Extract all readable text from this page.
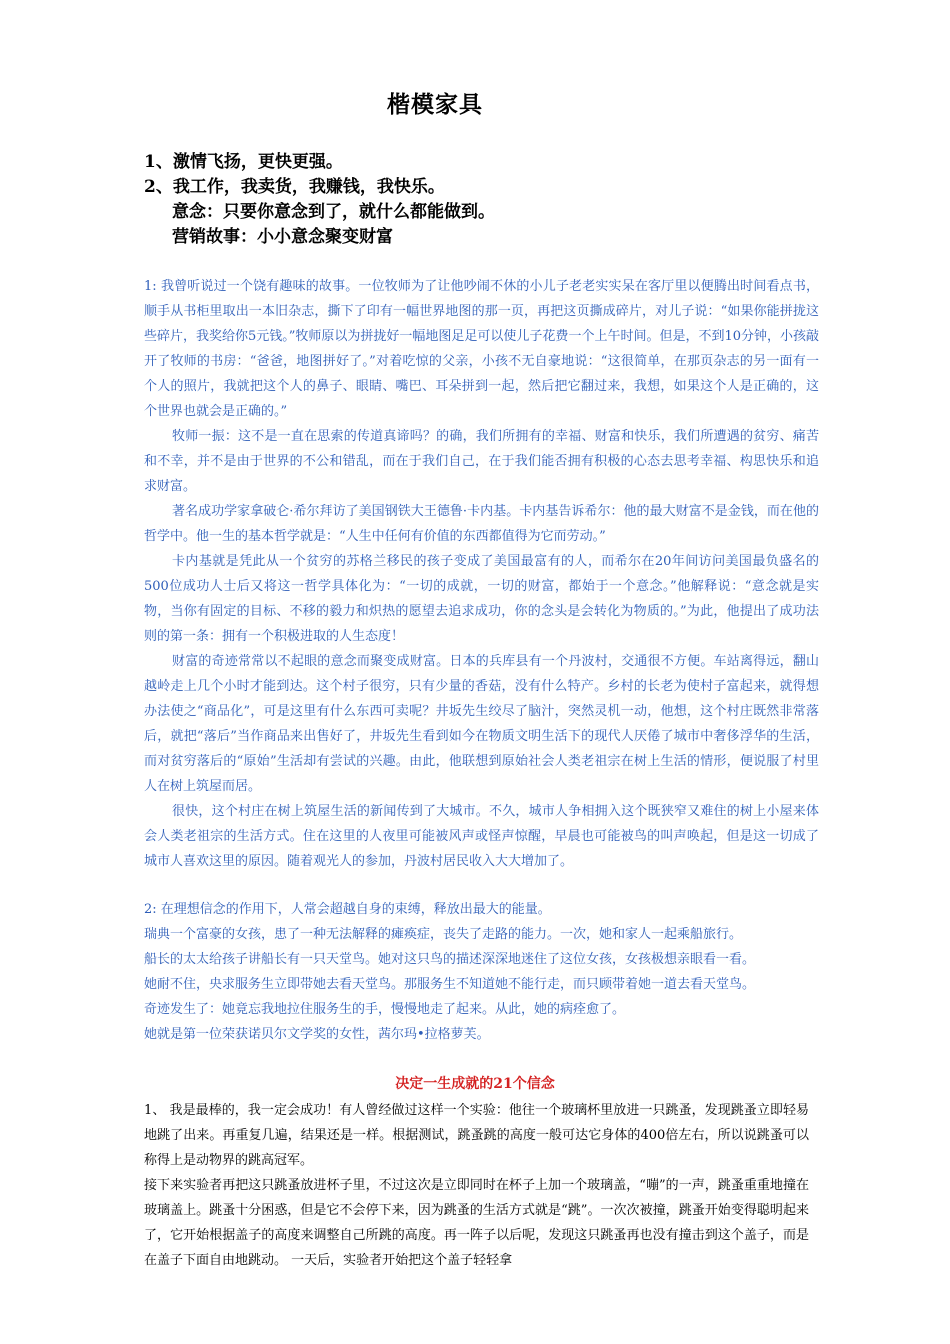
楷模家具
1、激情飞扬，更快更强。
2、我工作，我卖货，我赚钱，我快乐。
意念：只要你意念到了，就什么都能做到。
营销故事：小小意念聚变财富

1: 我曾听说过一个饶有趣味的故事。一位牧师为了让他吵闹不休的小儿子老老实实呆在客厅里以便腾出时间看点书，顺手从书柜里取出一本旧杂志，撕下了印有一幅世界地图的那一页，再把这页撕成碎片，对儿子说：“如果你能拼拢这些碎片，我奖给你5元钱。”牧师原以为拼拢好一幅地图足足可以使儿子花费一个上午时间。但是，不到10分钟，小孩敲开了牧师的书房：“爸爸，地图拼好了。”对着吃惊的父亲，小孩不无自豪地说：“这很简单，在那页杂志的另一面有一个人的照片，我就把这个人的鼻子、眼睛、嘴巴、耳朵拼到一起，然后把它翻过来，我想，如果这个人是正确的，这个世界也就会是正确的。”

牧师一振：这不是一直在思索的传道真谛吗？的确，我们所拥有的幸福、财富和快乐，我们所遭遇的贫穷、痛苦和不幸，并不是由于世界的不公和错乱，而在于我们自己，在于我们能否拥有积极的心态去思考幸福、构思快乐和追求财富。

著名成功学家拿破仑·希尔拜访了美国钢铁大王德鲁·卡内基。卡内基告诉希尔：他的最大财富不是金钱，而在他的哲学中。他一生的基本哲学就是：“人生中任何有价值的东西都值得为它而劳动。”

卡内基就是凭此从一个贫穷的苏格兰移民的孩子变成了美国最富有的人，而希尔在20年间访问美国最负盛名的500位成功人士后又将这一哲学具体化为：“一切的成就，一切的财富，都始于一个意念。”他解释说：“意念就是实物，当你有固定的目标、不移的毅力和炽热的愿望去追求成功，你的念头是会转化为物质的。”为此，他提出了成功法则的第一条：拥有一个积极进取的人生态度！

财富的奇迹常常以不起眼的意念而聚变成财富。日本的兵库县有一个丹波村，交通很不方便。车站离得远，翻山越岭走上几个小时才能到达。这个村子很穷，只有少量的香菇，没有什么特产。乡村的长老为使村子富起来，就得想办法使之“商品化”，可是这里有什么东西可卖呢？井坂先生绞尽了脑汁，突然灵机一动，他想，这个村庄既然非常落后，就把“落后”当作商品来出售好了，井坂先生看到如今在物质文明生活下的现代人厌倦了城市中奢侈浮华的生活，而对贫穷落后的“原始”生活却有尝试的兴趣。由此，他联想到原始社会人类老祖宗在树上生活的情形，便说服了村里人在树上筑屋而居。

很快，这个村庄在树上筑屋生活的新闻传到了大城市。不久，城市人争相拥入这个既狭窄又难住的树上小屋来体会人类老祖宗的生活方式。住在这里的人夜里可能被风声或怪声惊醒，早晨也可能被鸟的叫声唤起，但是这一切成了城市人喜欢这里的原因。随着观光人的参加，丹波村居民收入大大增加了。

2: 在理想信念的作用下，人常会超越自身的束缚，释放出最大的能量。

瑞典一个富豪的女孩，患了一种无法解释的瘫痪症，丧失了走路的能力。一次，她和家人一起乘船旅行。

船长的太太给孩子讲船长有一只天堂鸟。她对这只鸟的描述深深地迷住了这位女孩，女孩极想亲眼看一看。

她耐不住，央求服务生立即带她去看天堂鸟。那服务生不知道她不能行走，而只顾带着她一道去看天堂鸟。

奇迹发生了：她竟忘我地拉住服务生的手，慢慢地走了起来。从此，她的病痊愈了。

她就是第一位荣获诺贝尔文学奖的女性，茜尔玛•拉格萝芙。

决定一生成就的21个信念

1、 我是最棒的，我一定会成功！有人曾经做过这样一个实验：他往一个玻璃杯里放进一只跳蚤，发现跳蚤立即轻易地跳了出来。再重复几遍，结果还是一样。根据测试，跳蚤跳的高度一般可达它身体的400倍左右，所以说跳蚤可以称得上是动物界的跳高冠军。

接下来实验者再把这只跳蚤放进杯子里，不过这次是立即同时在杯子上加一个玻璃盖，“嘣”的一声，跳蚤重重地撞在玻璃盖上。跳蚤十分困惑，但是它不会停下来，因为跳蚤的生活方式就是“跳”。一次次被撞，跳蚤开始变得聪明起来了，它开始根据盖子的高度来调整自己所跳的高度。再一阵子以后呢，发现这只跳蚤再也没有撞击到这个盖子，而是在盖子下面自由地跳动。 一天后，实验者开始把这个盖子轻轻拿
